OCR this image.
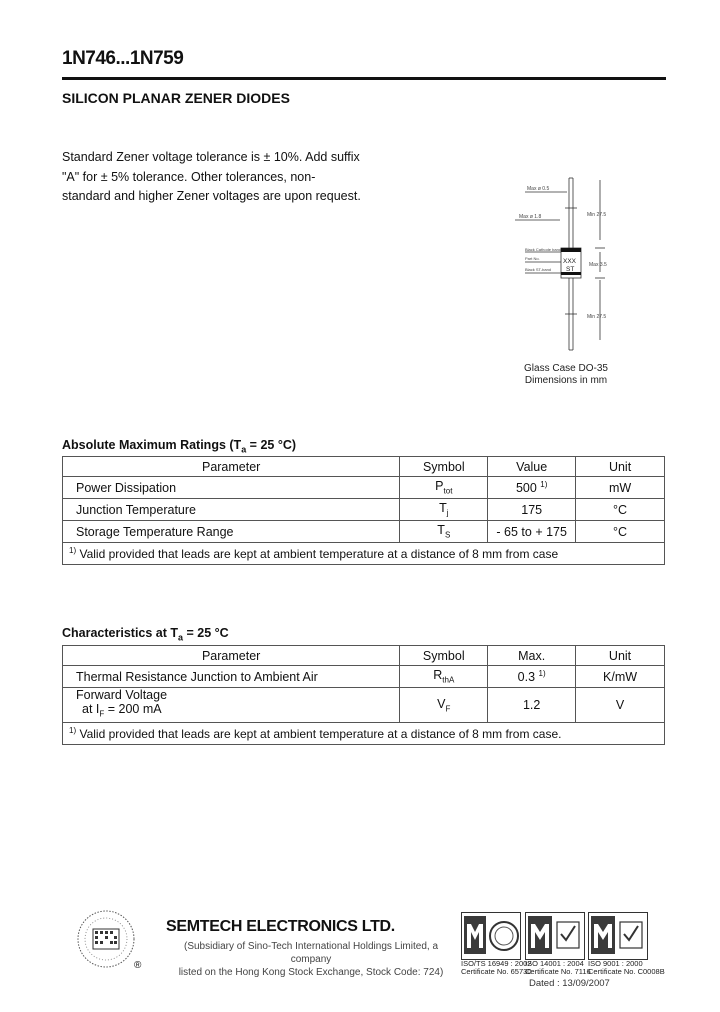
1N746...1N759
SILICON PLANAR ZENER DIODES
Standard Zener voltage tolerance is ± 10%. Add suffix
"A" for ± 5% tolerance. Other tolerances, non-
standard and higher Zener voltages are upon request.	Max ø 0.5
Max ø 1.8	Min 27.5
Max 3.5
Min 27.5
Black Cathode band
Part No.
Black ST-band
XXX
ST
Glass Case DO-35
Dimensions in mm
Absolute Maximum Ratings ($T_a = 25$ °C)
Parameter	Symbol	Value	Unit
Power Dissipation	$P_{tot}$	500 $^{1)}$	mW
Junction Temperature	$T_j$	175	°C
Storage Temperature Range	$T_S$	- 65 to + 175	°C
$^{1)}$ Valid provided that leads are kept at ambient temperature at a distance of 8 mm from case			
Characteristics at $T_a = 25$ °C
Parameter	Symbol	Max.	Unit
Thermal Resistance Junction to Ambient Air	$R_{thA}$	0.3 $^{1)}$	K/mW

Forward Voltage
at $I_F = 200$ mA	$V_F$	1.2	V
$^{1)}$ Valid provided that leads are kept at ambient temperature at a distance of 8 mm from case.			
®
SEMTECH ELECTRONICS LTD.
(Subsidiary of Sino-Tech International Holdings Limited, a company
listed on the Hong Kong Stock Exchange, Stock Code: 724)
ISO/TS 16949 : 2002
Certificate No. 65730
ISO 14001 : 2004
Certificate No. 7116
ISO 9001 : 2000
Certificate No. C0008B
Dated : 13/09/2007
